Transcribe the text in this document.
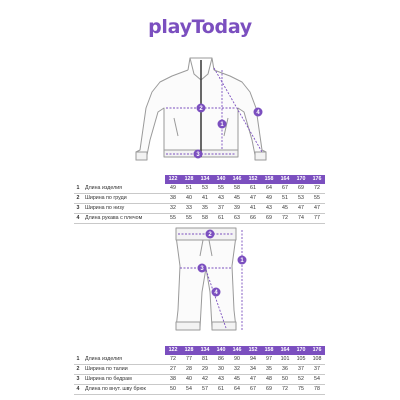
playToday
1
2
3
4
1
2
3
4
		122	128	134	140	146	152	158	164	170	176
1	Длина изделия	49	51	53	55	58	61	64	67	69	72
2	Ширина по груди	38	40	41	43	45	47	49	51	53	55
3	Ширина по низу	32	33	35	37	39	41	43	45	47	47
4	Длина рукава с плечом	55	55	58	61	63	66	69	72	74	77
		122	128	134	140	146	152	158	164	170	176
1	Длина изделия	72	77	81	86	90	94	97	101	105	108
2	Ширина по талии	27	28	29	30	32	34	35	36	37	37
3	Ширина по бедрам	38	40	42	43	45	47	48	50	52	54
4	Длина по внут. шву брюк	50	54	57	61	64	67	69	72	75	78
